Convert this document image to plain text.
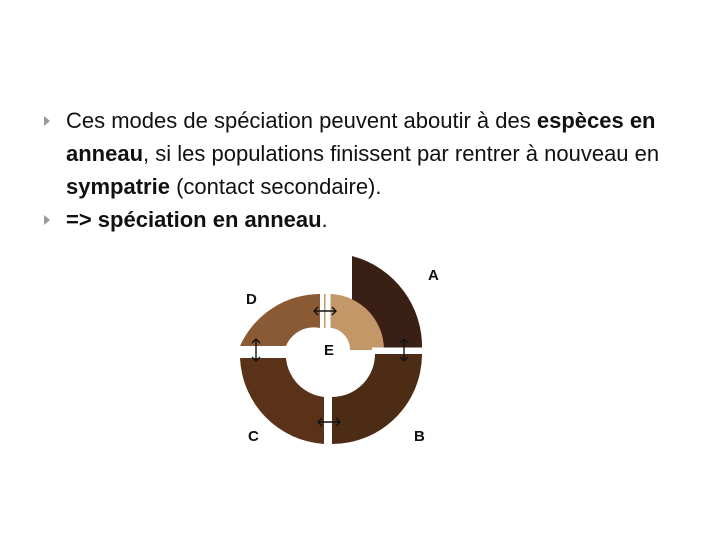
Ces modes de spéciation peuvent aboutir à des espèces en anneau, si les populations finissent par rentrer à nouveau en sympatrie (contact secondaire).

=> spéciation en anneau.

A
B
C
D
E
